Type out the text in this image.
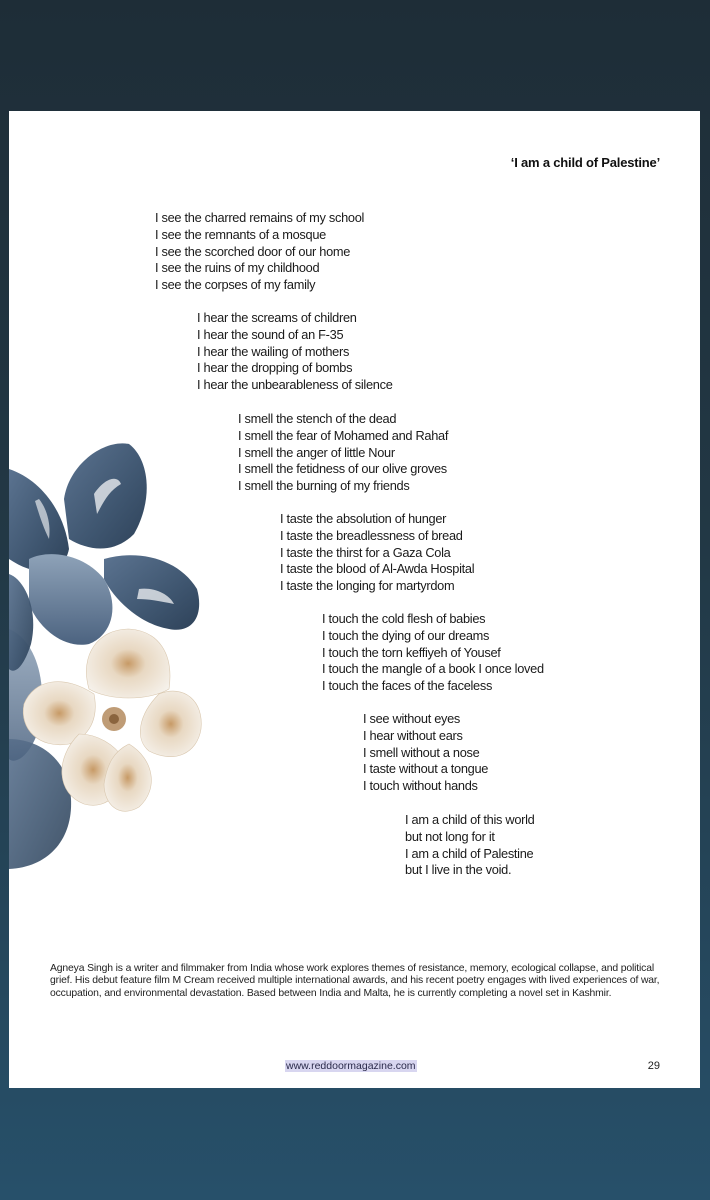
‘I am a child of Palestine’
I see the charred remains of my school
I see the remnants of a mosque
I see the scorched door of our home
I see the ruins of my childhood
I see the corpses of my family
I hear the screams of children
I hear the sound of an F-35
I hear the wailing of mothers
I hear the dropping of bombs
I hear the unbearableness of silence
I smell the stench of the dead
I smell the fear of Mohamed and Rahaf
I smell the anger of little Nour
I smell the fetidness of our olive groves
I smell the burning of my friends
I taste the absolution of hunger
I taste the breadlessness of bread
I taste the thirst for a Gaza Cola
I taste the blood of Al-Awda Hospital
I taste the longing for martyrdom
I touch the cold flesh of babies
I touch the dying of our dreams
I touch the torn keffiyeh of Yousef
I touch the mangle of a book I once loved
I touch the faces of the faceless
I see without eyes
I hear without ears
I smell without a nose
I taste without a tongue
I touch without hands
I am a child of this world
but not long for it
I am a child of Palestine
but I live in the void.
Agneya Singh is a writer and filmmaker from India whose work explores themes of resistance, memory, ecological collapse, and political grief. His debut feature film M Cream received multiple international awards, and his recent poetry engages with lived experiences of war, occupation, and environmental devastation. Based between India and Malta, he is currently completing a novel set in Kashmir.
www.reddoormagazine.com	29
